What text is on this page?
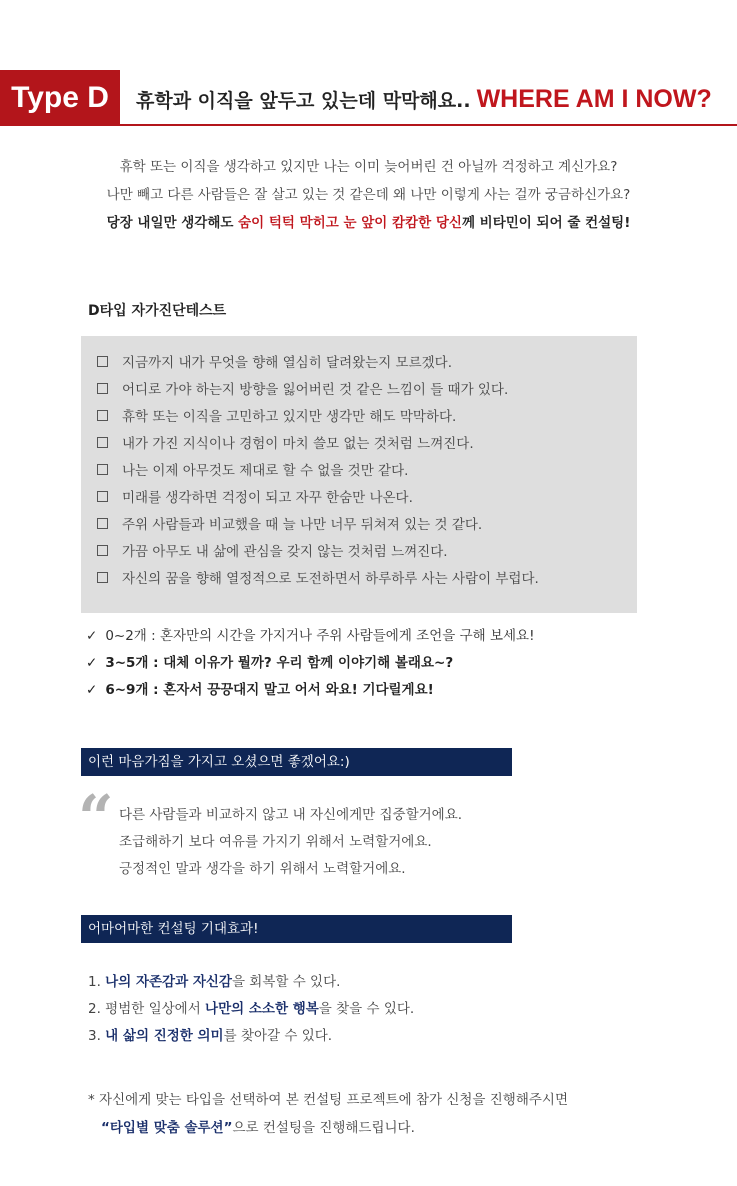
Type D	휴학과 이직을 앞두고 있는데 막막해요.. WHERE AM I NOW?
휴학 또는 이직을 생각하고 있지만 나는 이미 늦어버린 건 아닐까 걱정하고 계신가요?
나만 빼고 다른 사람들은 잘 살고 있는 것 같은데 왜 나만 이렇게 사는 걸까 궁금하신가요?
당장 내일만 생각해도 숨이 턱턱 막히고 눈 앞이 캄캄한 당신께 비타민이 되어 줄 컨설팅!
D타입 자가진단테스트
지금까지 내가 무엇을 향해 열심히 달려왔는지 모르겠다.
어디로 가야 하는지 방향을 잃어버린 것 같은 느낌이 들 때가 있다.
휴학 또는 이직을 고민하고 있지만 생각만 해도 막막하다.
내가 가진 지식이나 경험이 마치 쓸모 없는 것처럼 느껴진다.
나는 이제 아무것도 제대로 할 수 없을 것만 같다.
미래를 생각하면 걱정이 되고 자꾸 한숨만 나온다.
주위 사람들과 비교했을 때 늘 나만 너무 뒤쳐져 있는 것 같다.
가끔 아무도 내 삶에 관심을 갖지 않는 것처럼 느껴진다.
자신의 꿈을 향해 열정적으로 도전하면서 하루하루 사는 사람이 부럽다.
✓ 0~2개 : 혼자만의 시간을 가지거나 주위 사람들에게 조언을 구해 보세요!
✓ 3~5개 : 대체 이유가 뭘까? 우리 함께 이야기해 볼래요~?
✓ 6~9개 : 혼자서 끙끙대지 말고 어서 와요! 기다릴게요!
이런 마음가짐을 가지고 오셨으면 좋겠어요:)
“ 다른 사람들과 비교하지 않고 내 자신에게만 집중할거에요.
조급해하기 보다 여유를 가지기 위해서 노력할거에요.
긍정적인 말과 생각을 하기 위해서 노력할거에요.
어마어마한 컨설팅 기대효과!
1. 나의 자존감과 자신감을 회복할 수 있다.
2. 평범한 일상에서 나만의 소소한 행복을 찾을 수 있다.
3. 내 삶의 진정한 의미를 찾아갈 수 있다.
* 자신에게 맞는 타입을 선택하여 본 컨설팅 프로젝트에 참가 신청을 진행해주시면
“타입별 맞춤 솔루션”으로 컨설팅을 진행해드립니다.
